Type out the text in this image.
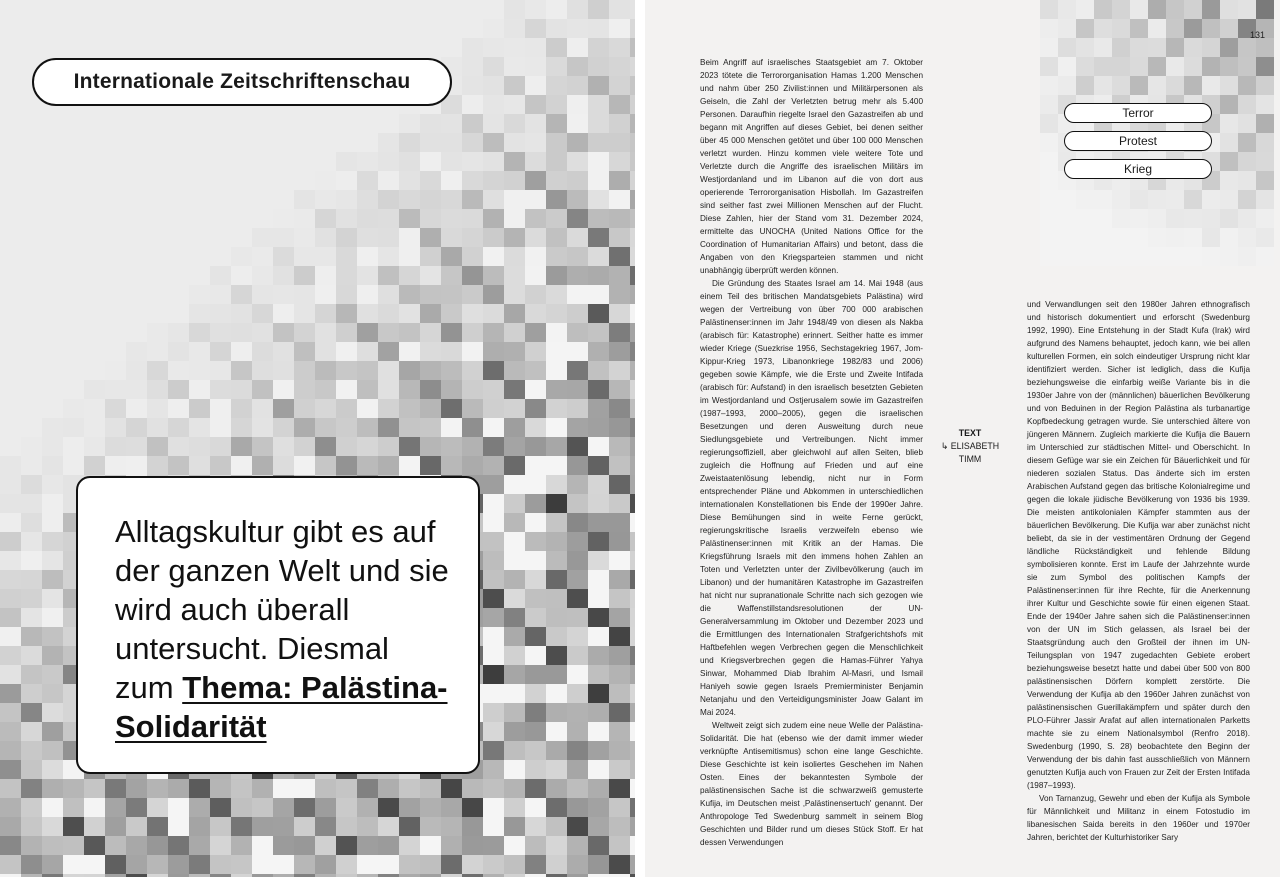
Internationale Zeitschriftenschau
Alltagskultur gibt es auf der ganzen Welt und sie wird auch überall untersucht. Diesmal zum Thema: Palästina-Solidarität
131
Terror
Protest
Krieg

Beim Angriff auf israelisches Staatsgebiet am 7. Oktober 2023 tötete die Terrororganisation Hamas 1.200 Menschen und nahm über 250 Zivilist:innen und Militärpersonen als Geiseln, die Zahl der Verletzten betrug mehr als 5.400 Personen. Daraufhin riegelte Israel den Gazastreifen ab und begann mit Angriffen auf dieses Gebiet, bei denen seither über 45 000 Menschen getötet und über 100 000 Menschen verletzt wurden. Hinzu kommen viele weitere Tote und Verletzte durch die Angriffe des israelischen Militärs im Westjordanland und im Libanon auf die von dort aus operierende Terrororganisation Hisbollah. Im Gazastreifen sind seither fast zwei Millionen Menschen auf der Flucht. Diese Zahlen, hier der Stand vom 31. Dezember 2024, ermittelte das UNOCHA (United Nations Office for the Coordination of Humanitarian Affairs) und betont, dass die Angaben von den Kriegsparteien stammen und nicht unabhängig überprüft werden können.

Die Gründung des Staates Israel am 14. Mai 1948 (aus einem Teil des britischen Mandatsgebiets Palästina) wird wegen der Vertreibung von über 700 000 arabischen Palästinenser:innen im Jahr 1948/49 von diesen als Nakba (arabisch für: Katastrophe) erinnert. Seither hatte es immer wieder Kriege (Suezkrise 1956, Sechstagekrieg 1967, Jom-Kippur-Krieg 1973, Libanonkriege 1982/83 und 2006) gegeben sowie Kämpfe, wie die Erste und Zweite Intifada (arabisch für: Aufstand) in den israelisch besetzten Gebieten im Westjordanland und Ostjerusalem sowie im Gazastreifen (1987–1993, 2000–2005), gegen die israelischen Besetzungen und deren Ausweitung durch neue Siedlungsgebiete und Vertreibungen. Nicht immer regierungsoffiziell, aber gleichwohl auf allen Seiten, blieb zugleich die Hoffnung auf Frieden und auf eine Zweistaatenlösung lebendig, nicht nur in Form entsprechender Pläne und Abkommen in unterschiedlichen internationalen Konstellationen bis Ende der 1990er Jahre. Diese Bemühungen sind in weite Ferne gerückt, regierungskritische Israelis verzweifeln ebenso wie Palästinenser:innen mit Kritik an der Hamas. Die Kriegsführung Israels mit den immens hohen Zahlen an Toten und Verletzten unter der Zivilbevölkerung (auch im Libanon) und der humanitären Katastrophe im Gazastreifen hat nicht nur supranationale Schritte nach sich gezogen wie die Waffenstillstandsresolutionen der UN-Generalversammlung im Oktober und Dezember 2023 und die Ermittlungen des Internationalen Strafgerichtshofs mit Haftbefehlen wegen Verbrechen gegen die Menschlichkeit und Kriegsverbrechen gegen die Hamas-Führer Yahya Sinwar, Mohammed Diab Ibrahim Al-Masri, und Ismail Haniyeh sowie gegen Israels Premierminister Benjamin Netanjahu und den Verteidigungsminister Joaw Galant im Mai 2024.

Weltweit zeigt sich zudem eine neue Welle der Palästina-Solidarität. Die hat (ebenso wie der damit immer wieder verknüpfte Antisemitismus) schon eine lange Geschichte. Diese Geschichte ist kein isoliertes Geschehen im Nahen Osten. Eines der bekanntesten Symbole der palästinensischen Sache ist die schwarzweiß gemusterte Kufija, im Deutschen meist ‚Palästinensertuch' genannt. Der Anthropologe Ted Swedenburg sammelt in seinem Blog Geschichten und Bilder rund um dieses Stück Stoff. Er hat dessen Verwendungen

TEXT
↳ ELISABETH
TIMM

und Verwandlungen seit den 1980er Jahren ethnografisch und historisch dokumentiert und erforscht (Swedenburg 1992, 1990). Eine Entstehung in der Stadt Kufa (Irak) wird aufgrund des Namens behauptet, jedoch kann, wie bei allen kulturellen Formen, ein solch eindeutiger Ursprung nicht klar identifiziert werden. Sicher ist lediglich, dass die Kufija beziehungsweise die einfarbig weiße Variante bis in die 1930er Jahre von der (männlichen) bäuerlichen Bevölkerung und von Beduinen in der Region Palästina als turbanartige Kopfbedeckung getragen wurde. Sie unterschied ältere von jüngeren Männern. Zugleich markierte die Kufija die Bauern im Unterschied zur städtischen Mittel- und Oberschicht. In diesem Gefüge war sie ein Zeichen für Bäuerlichkeit und für niederen sozialen Status. Das änderte sich im ersten Arabischen Aufstand gegen das britische Kolonialregime und gegen die lokale jüdische Bevölkerung von 1936 bis 1939. Die meisten antikolonialen Kämpfer stammten aus der bäuerlichen Bevölkerung. Die Kufija war aber zunächst nicht beliebt, da sie in der vestimentären Ordnung der Gegend ländliche Rückständigkeit und fehlende Bildung symbolisieren konnte. Erst im Laufe der Jahrzehnte wurde sie zum Symbol des politischen Kampfs der Palästinenser:innen für ihre Rechte, für die Anerkennung ihrer Kultur und Geschichte sowie für einen eigenen Staat. Ende der 1940er Jahre sahen sich die Palästinenser:innen von der UN im Stich gelassen, als Israel bei der Staatsgründung auch den Großteil der ihnen im UN-Teilungsplan von 1947 zugedachten Gebiete erobert beziehungsweise besetzt hatte und dabei über 500 von 800 palästinensischen Dörfern komplett zerstörte. Die Verwendung der Kufija ab den 1960er Jahren zunächst von palästinensischen Guerillakämpfern und später durch den PLO-Führer Jassir Arafat auf allen internationalen Parketts machte sie zu einem Nationalsymbol (Renfro 2018). Swedenburg (1990, S. 28) beobachtete den Beginn der Verwendung der bis dahin fast ausschließlich von Männern genutzten Kufija auch von Frauen zur Zeit der Ersten Intifada (1987–1993).

Von Tarnanzug, Gewehr und eben der Kufija als Symbole für Männlichkeit und Militanz in einem Fotostudio im libanesischen Saida bereits in den 1960er und 1970er Jahren, berichtet der Kulturhistoriker Sary
